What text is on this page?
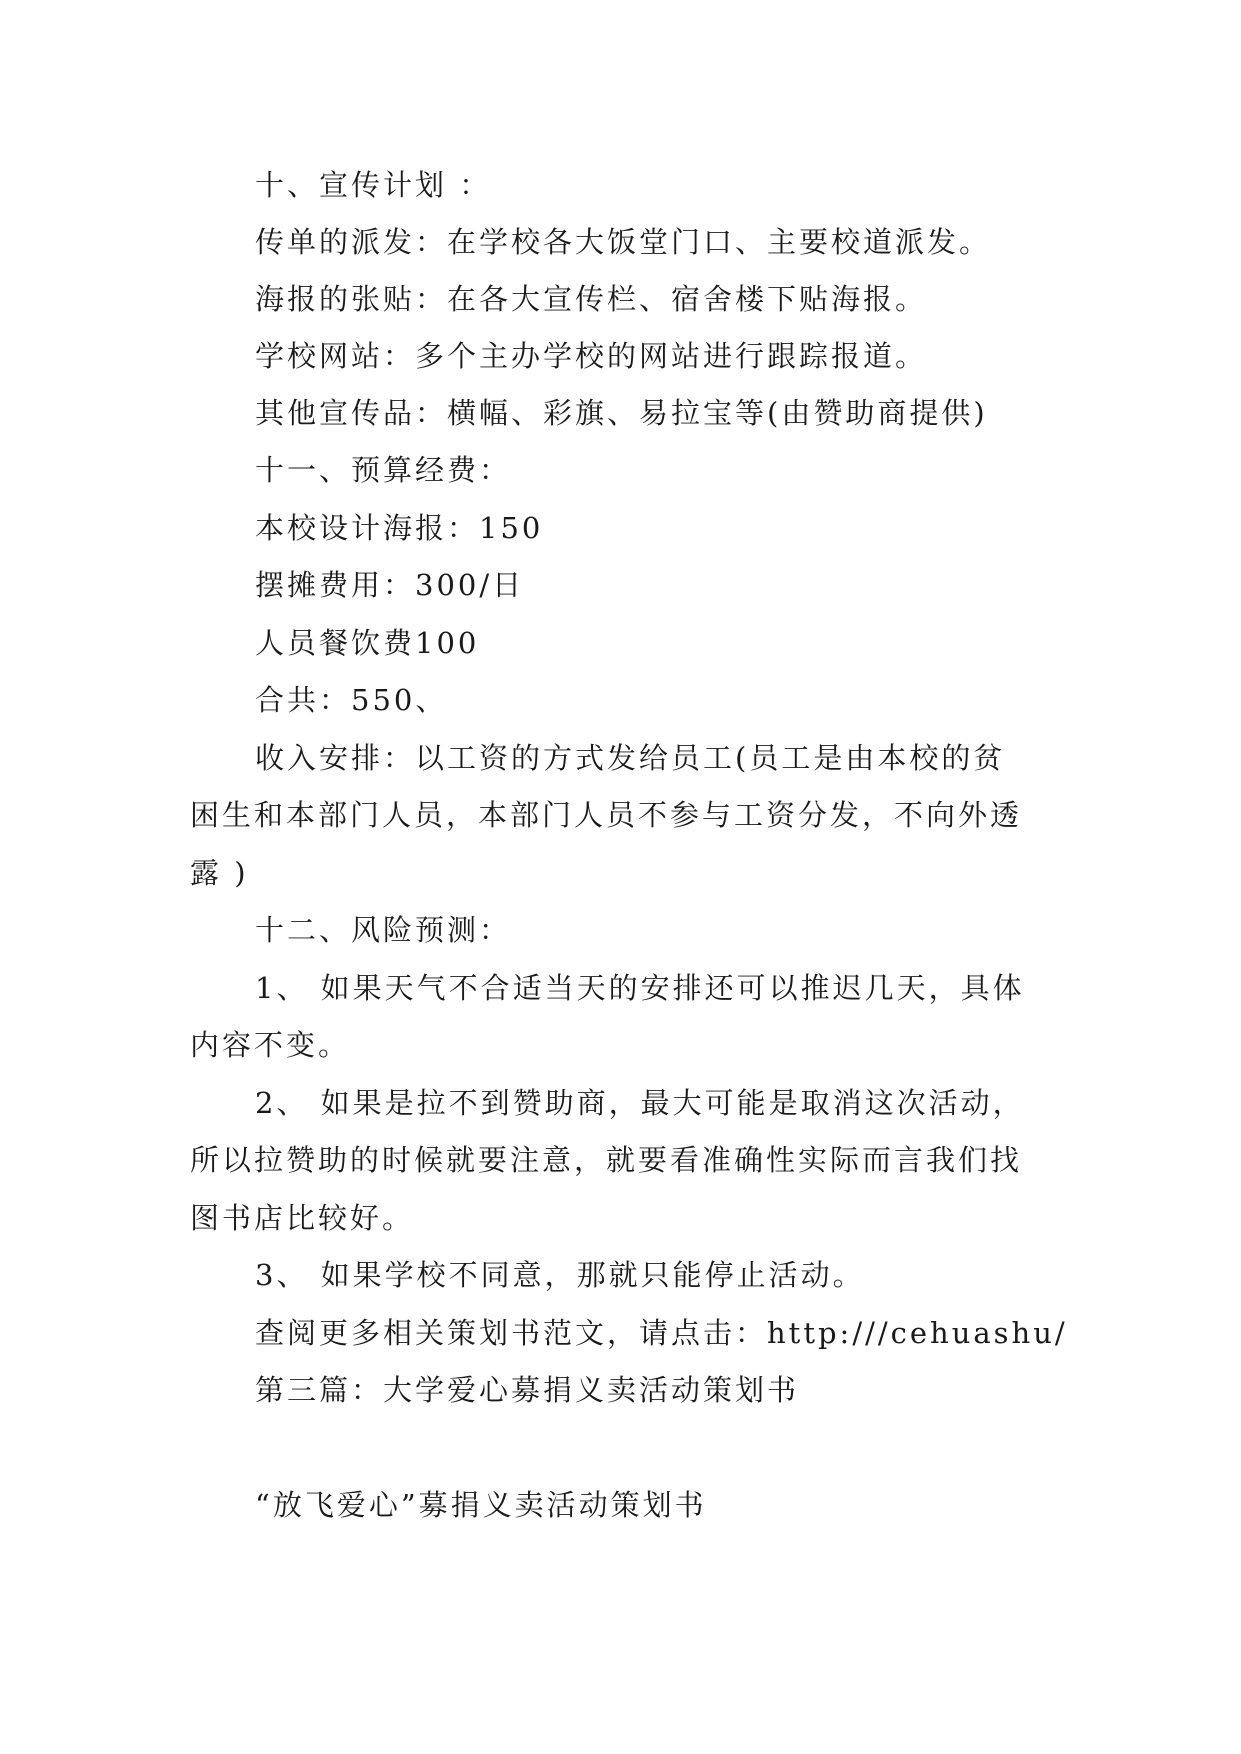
十、宣传计划 ：
传单的派发：在学校各大饭堂门口、主要校道派发。
海报的张贴：在各大宣传栏、宿舍楼下贴海报。
学校网站：多个主办学校的网站进行跟踪报道。
其他宣传品：横幅、彩旗、易拉宝等(由赞助商提供)
十一、预算经费：
本校设计海报：150
摆摊费用：300/日
人员餐饮费100
合共：550、
收入安排：以工资的方式发给员工(员工是由本校的贫
困生和本部门人员，本部门人员不参与工资分发，不向外透
露 )
十二、风险预测：
1、 如果天气不合适当天的安排还可以推迟几天，具体
内容不变。
2、 如果是拉不到赞助商，最大可能是取消这次活动，
所以拉赞助的时候就要注意，就要看准确性实际而言我们找
图书店比较好。
3、 如果学校不同意，那就只能停止活动。
查阅更多相关策划书范文，请点击：http:///cehuashu/
第三篇：大学爱心募捐义卖活动策划书
“放飞爱心”募捐义卖活动策划书
